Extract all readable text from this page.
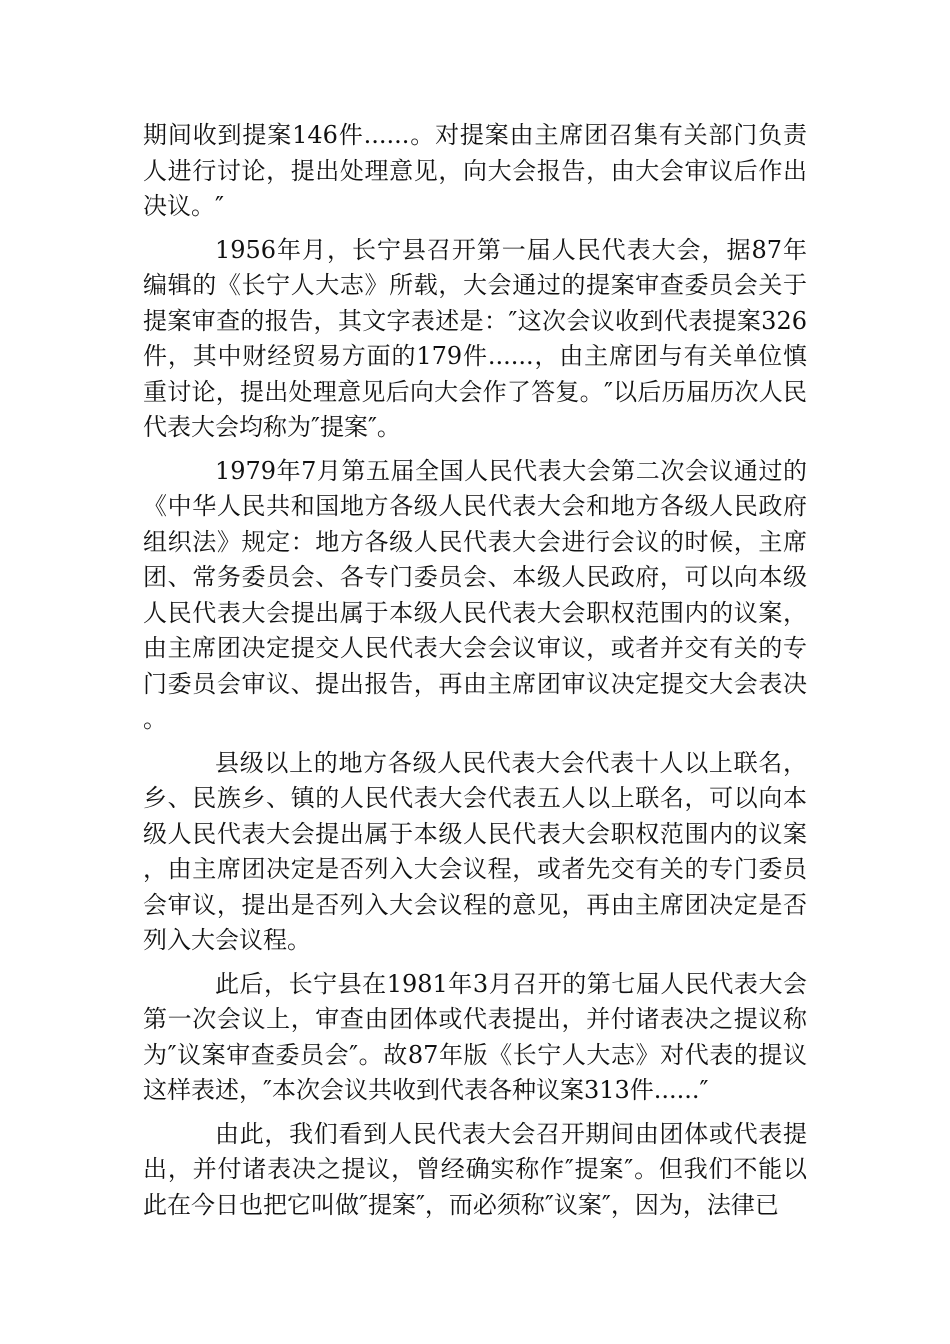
期间收到提案146件......。对提案由主席团召集有关部门负责人进行讨论，提出处理意见，向大会报告，由大会审议后作出决议。″

1956年月，长宁县召开第一届人民代表大会，据87年编辑的《长宁人大志》所载，大会通过的提案审查委员会关于提案审查的报告，其文字表述是：″这次会议收到代表提案326件，其中财经贸易方面的179件......，由主席团与有关单位慎重讨论，提出处理意见后向大会作了答复。″以后历届历次人民代表大会均称为″提案″。

1979年7月第五届全国人民代表大会第二次会议通过的《中华人民共和国地方各级人民代表大会和地方各级人民政府组织法》规定：地方各级人民代表大会进行会议的时候，主席团、常务委员会、各专门委员会、本级人民政府，可以向本级人民代表大会提出属于本级人民代表大会职权范围内的议案，由主席团决定提交人民代表大会会议审议，或者并交有关的专门委员会审议、提出报告，再由主席团审议决定提交大会表决。

县级以上的地方各级人民代表大会代表十人以上联名，乡、民族乡、镇的人民代表大会代表五人以上联名，可以向本级人民代表大会提出属于本级人民代表大会职权范围内的议案，由主席团决定是否列入大会议程，或者先交有关的专门委员会审议，提出是否列入大会议程的意见，再由主席团决定是否列入大会议程。

此后，长宁县在1981年3月召开的第七届人民代表大会第一次会议上，审查由团体或代表提出，并付诸表决之提议称为″议案审查委员会″。故87年版《长宁人大志》对代表的提议这样表述，″本次会议共收到代表各种议案313件......″

由此，我们看到人民代表大会召开期间由团体或代表提出，并付诸表决之提议，曾经确实称作″提案″。但我们不能以此在今日也把它叫做″提案″，而必须称″议案″，因为，法律已
